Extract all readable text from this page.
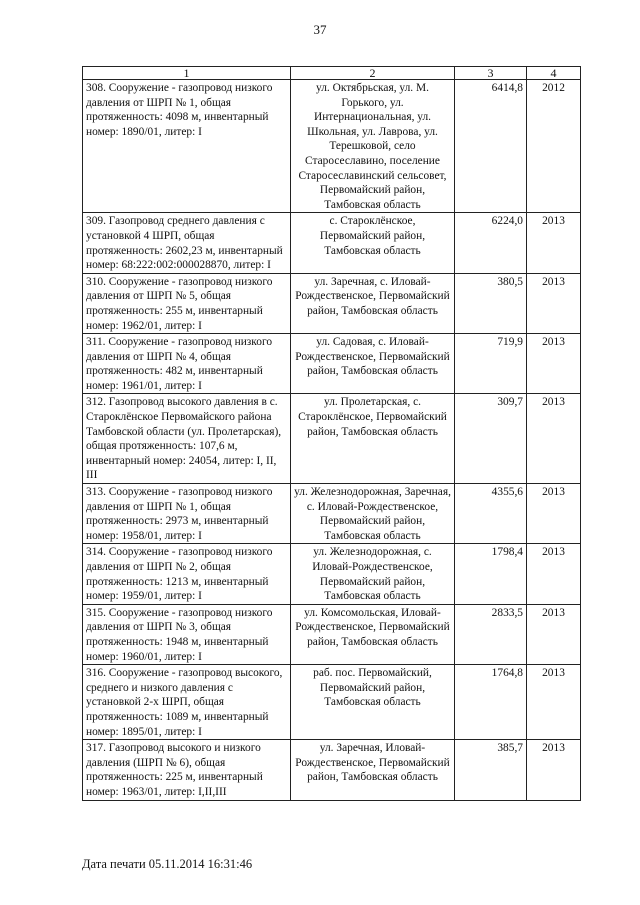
37
1	2	3	4
308. Сооружение - газопровод низкого давления от ШРП № 1, общая протяженность: 4098 м, инвентарный номер: 1890/01, литер: I	ул. Октябрьская, ул. М. Горького, ул. Интернациональная, ул. Школьная, ул. Лаврова, ул. Терешковой, село Старосеславино, поселение Старосеславинский сельсовет, Первомайский район, Тамбовская область	6414,8	2012
309. Газопровод среднего давления с установкой 4 ШРП, общая протяженность: 2602,23 м, инвентарный номер: 68:222:002:000028870, литер: I	с. Староклёнское, Первомайский район, Тамбовская область	6224,0	2013
310. Сооружение - газопровод низкого давления от ШРП № 5, общая протяженность: 255 м, инвентарный номер: 1962/01, литер: I	ул. Заречная, с. Иловай-Рождественское, Первомайский район, Тамбовская область	380,5	2013
311. Сооружение - газопровод низкого давления от ШРП № 4, общая протяженность: 482 м, инвентарный номер: 1961/01, литер: I	ул. Садовая, с. Иловай-Рождественское, Первомайский район, Тамбовская область	719,9	2013
312. Газопровод высокого давления в с. Староклёнское Первомайского района Тамбовской области (ул. Пролетарская), общая протяженность: 107,6 м, инвентарный номер: 24054, литер: I, II, III	ул. Пролетарская, с. Староклёнское, Первомайский район, Тамбовская область	309,7	2013
313. Сооружение - газопровод низкого давления от ШРП № 1, общая протяженность: 2973 м, инвентарный номер: 1958/01, литер: I	ул. Железнодорожная, Заречная, с. Иловай-Рождественское, Первомайский район, Тамбовская область	4355,6	2013
314. Сооружение - газопровод низкого давления от ШРП № 2, общая протяженность: 1213 м, инвентарный номер: 1959/01, литер: I	ул. Железнодорожная, с. Иловай-Рождественское, Первомайский район, Тамбовская область	1798,4	2013
315. Сооружение - газопровод низкого давления от ШРП № 3, общая протяженность: 1948 м, инвентарный номер: 1960/01, литер: I	ул. Комсомольская, Иловай-Рождественское, Первомайский район, Тамбовская область	2833,5	2013
316. Сооружение - газопровод высокого, среднего и низкого давления с установкой 2-х ШРП, общая протяженность: 1089 м, инвентарный номер: 1895/01, литер: I	раб. пос. Первомайский, Первомайский район, Тамбовская область	1764,8	2013
317. Газопровод высокого и низкого давления (ШРП № 6), общая протяженность: 225 м, инвентарный номер: 1963/01, литер: I,II,III	ул. Заречная, Иловай-Рождественское, Первомайский район, Тамбовская область	385,7	2013
Дата печати 05.11.2014 16:31:46
